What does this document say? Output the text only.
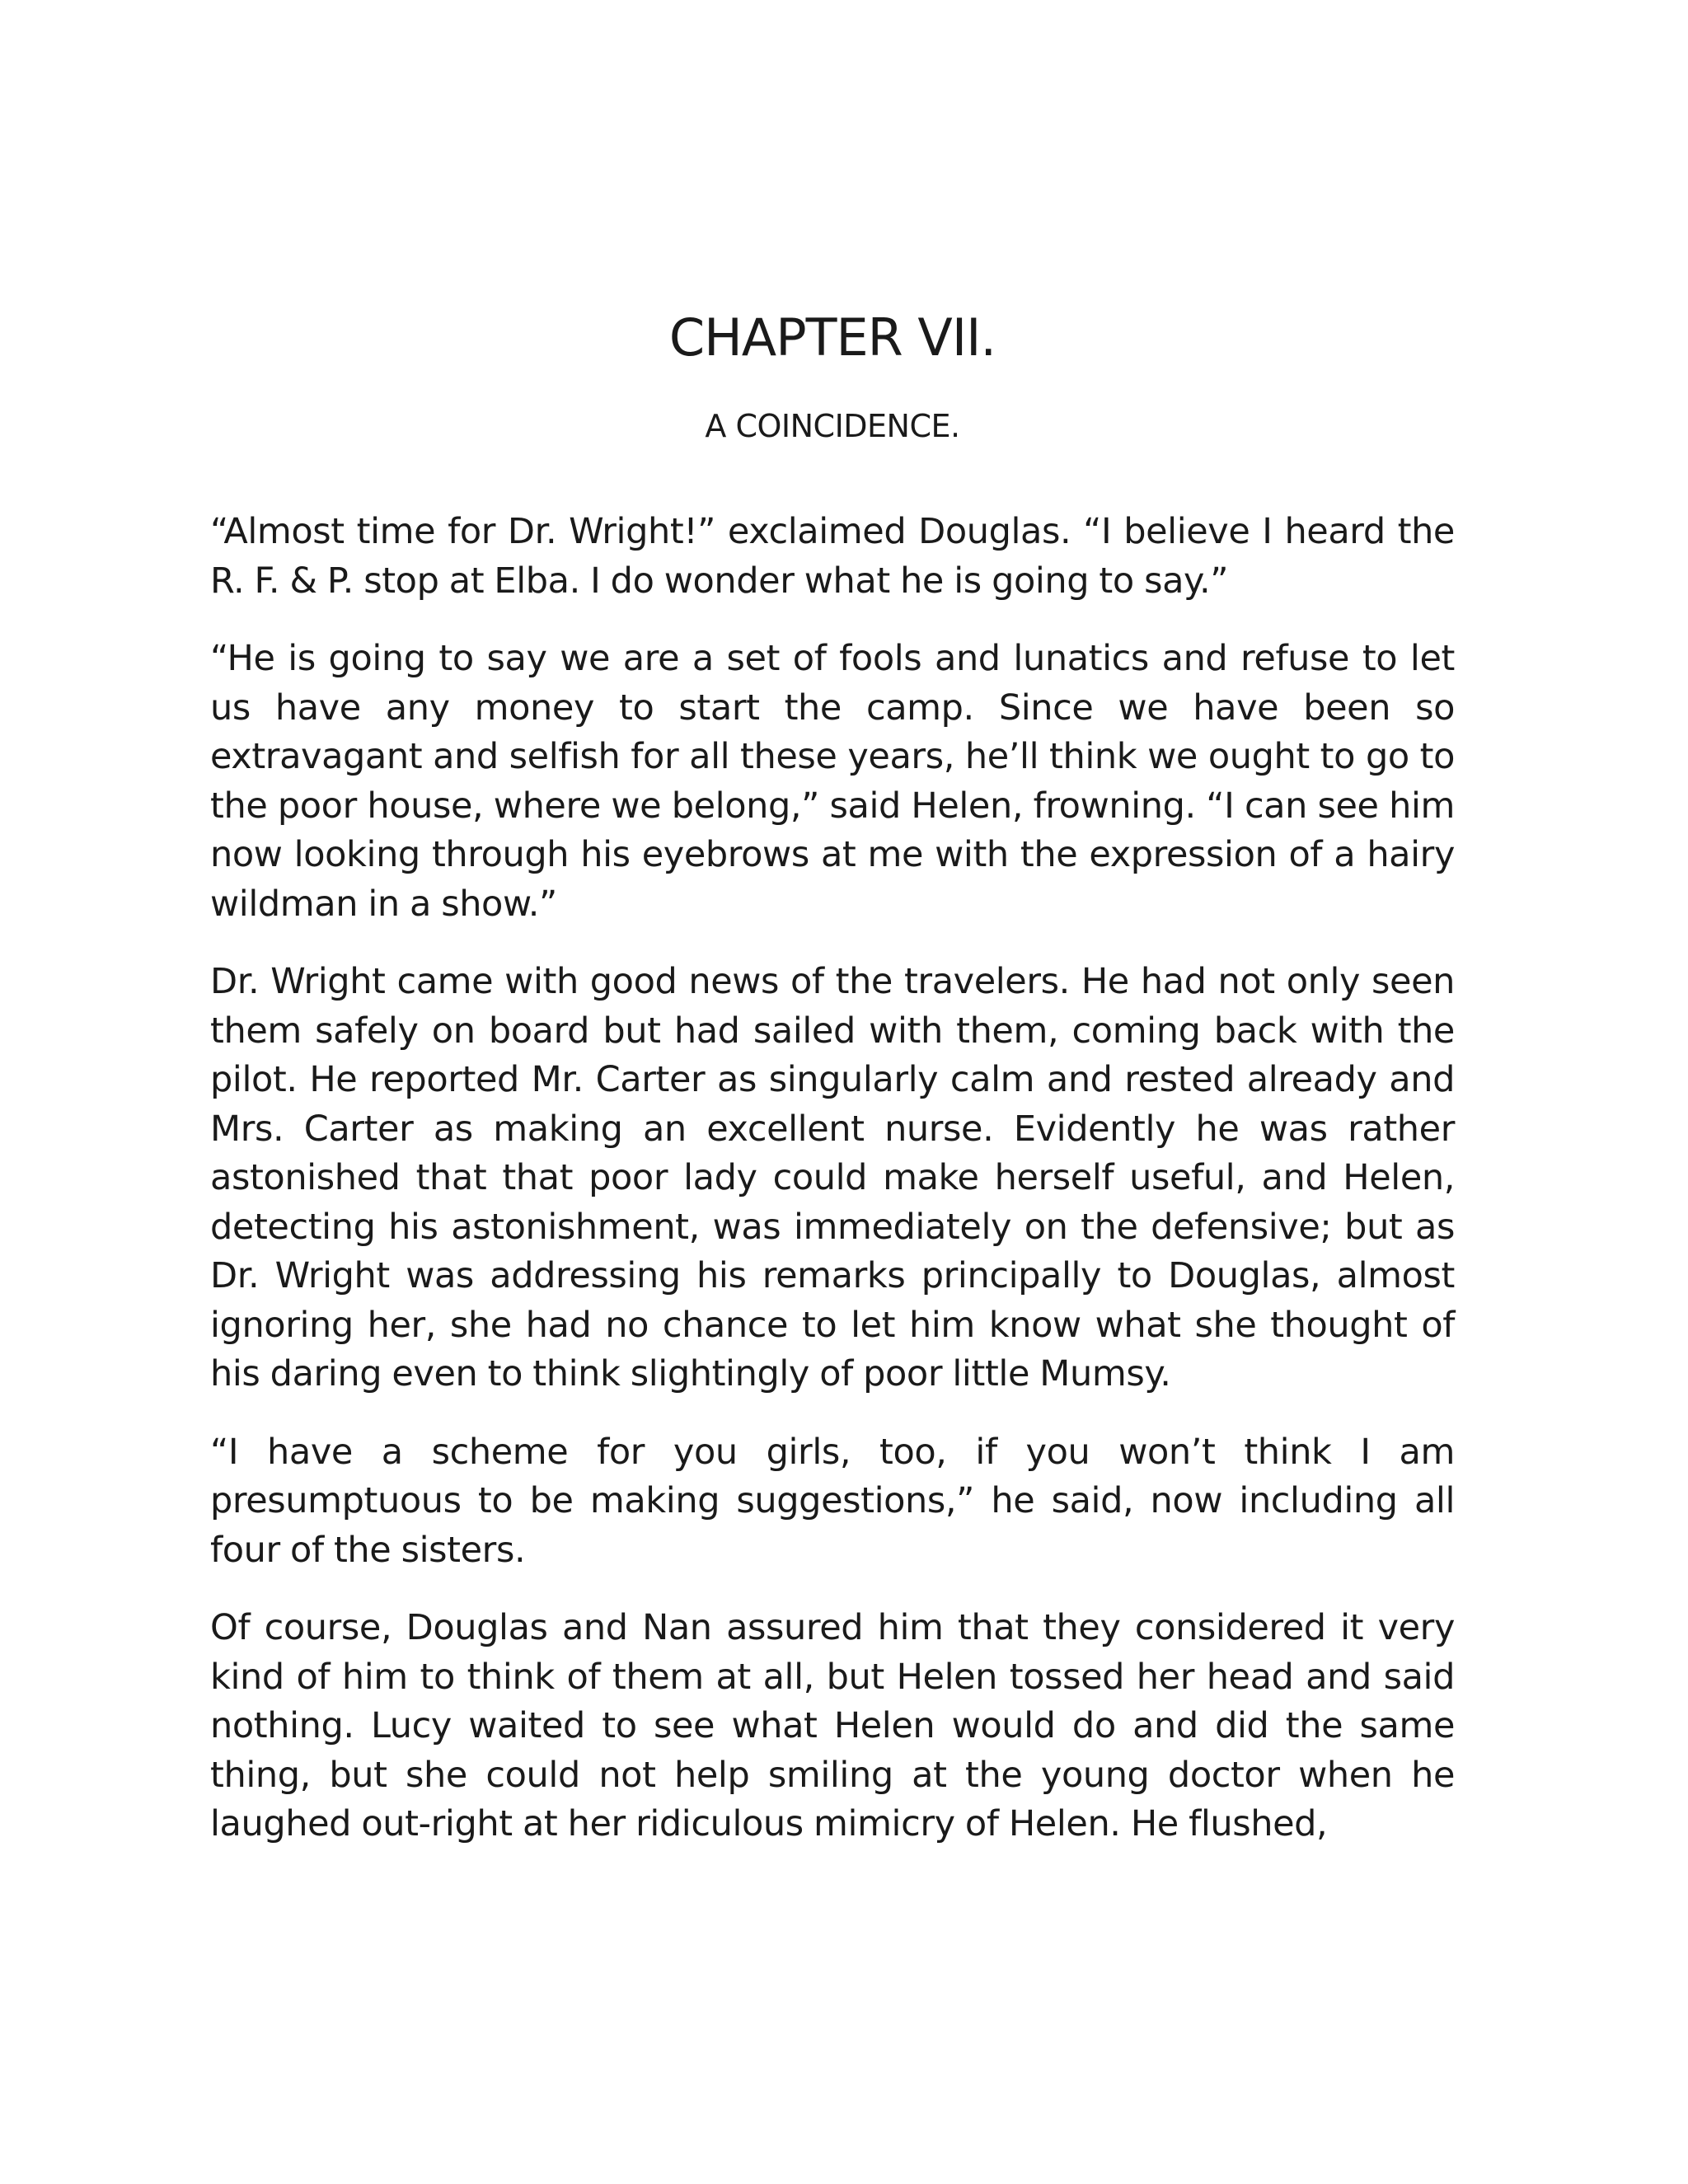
CHAPTER VII.
A COINCIDENCE.

“Almost time for Dr. Wright!” exclaimed Douglas. “I believe I heard the R. F. & P. stop at Elba. I do wonder what he is going to say.”

“He is going to say we are a set of fools and lunatics and refuse to let us have any money to start the camp. Since we have been so extravagant and selfish for all these years, he’ll think we ought to go to the poor house, where we belong,” said Helen, frowning. “I can see him now looking through his eyebrows at me with the expression of a hairy wildman in a show.”

Dr. Wright came with good news of the travelers. He had not only seen them safely on board but had sailed with them, coming back with the pilot. He reported Mr. Carter as singularly calm and rested already and Mrs. Carter as making an excellent nurse. Evidently he was rather astonished that that poor lady could make herself useful, and Helen, detecting his astonishment, was immediately on the defensive; but as Dr. Wright was addressing his remarks principally to Douglas, almost ignoring her, she had no chance to let him know what she thought of his daring even to think slightingly of poor little Mumsy.

“I have a scheme for you girls, too, if you won’t think I am presumptuous to be making suggestions,” he said, now including all four of the sisters.

Of course, Douglas and Nan assured him that they considered it very kind of him to think of them at all, but Helen tossed her head and said nothing. Lucy waited to see what Helen would do and did the same thing, but she could not help smiling at the young doctor when he laughed out-right at her ridiculous mimicry of Helen. He flushed,
